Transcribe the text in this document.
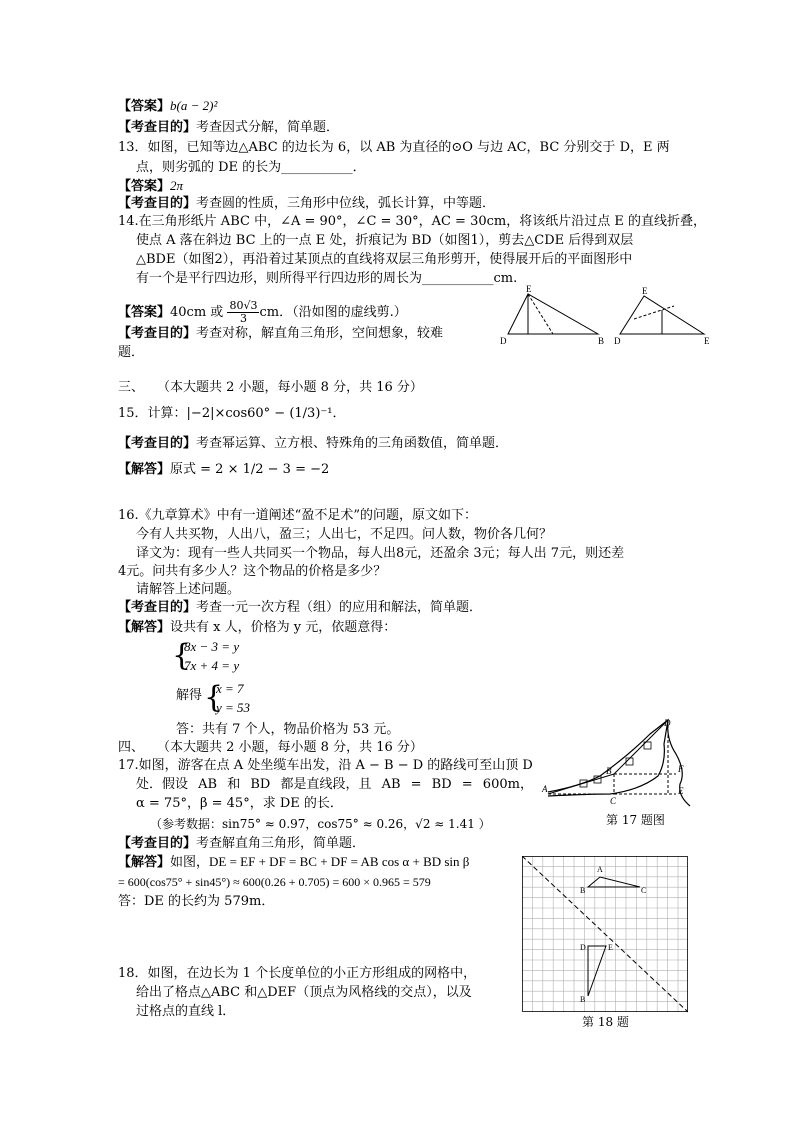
【答案】b(a − 2)²
【考查目的】考查因式分解，简单题．
13．如图，已知等边△ABC 的边长为 6，以 AB 为直径的⊙O 与边 AC，BC 分别交于 D，E 两
点，则劣弧的 DE 的长为___________．
【答案】2π
【考查目的】考查圆的性质，三角形中位线，弧长计算，中等题．
14.在三角形纸片 ABC 中，∠A = 90°，∠C = 30°，AC = 30cm，将该纸片沿过点 E 的直线折叠，
使点 A 落在斜边 BC 上的一点 E 处，折痕记为 BD（如图1），剪去△CDE 后得到双层
△BDE（如图2），再沿着过某顶点的直线将双层三角形剪开，使得展开后的平面图形中
有一个是平行四边形，则所得平行四边形的周长为___________cm.
【答案】40cm 或 $\frac{80√3}{3}$ cm．（沿如图的虚线剪.）
【考查目的】考查对称，解直角三角形，空间想象，较难
题．
E
D	B
E
D	E
三、　　（本大题共 2 小题，每小题 8 分，共 16 分）
15．计算：|−2|×cos60° − (1/3)⁻¹．
【考查目的】考查幂运算、立方根、特殊角的三角函数值，简单题．
【解答】原式 = 2 × 1/2 − 3 = −2
16.《九章算术》中有一道阐述“盈不足术”的问题，原文如下：
今有人共买物，人出八，盈三；人出七，不足四。问人数，物价各几何？
译文为：现有一些人共同买一个物品，每人出8元，还盈余 3元；每人出 7元，则还差
4元。问共有多少人？这个物品的价格是多少？
请解答上述问题。
【考查目的】考查一元一次方程（组）的应用和解法，简单题．
【解答】设共有 x 人，价格为 y 元，依题意得：
{
8x − 3 = y
7x + 4 = y
解得 {
x = 7
y = 53
答：共有 7 个人，物品价格为 53 元。
四、　　（本大题共 2 小题，每小题 8 分，共 16 分）
17.如图，游客在点 A 处坐缆车出发，沿 A − B − D 的路线可至山顶 D
处．假设 AB 和 BD 都是直线段，且 AB = BD = 600m，
α = 75°，β = 45°，求 DE 的长．
（参考数据：sin75° ≈ 0.97，cos75° ≈ 0.26，√2 ≈ 1.41 ）
D
F
E
A
B
C
第 17 题图
【考查目的】考查解直角三角形，简单题．
【解答】如图，DE = EF + DF = BC + DF = AB cos α + BD sin β
= 600(cos75° + sin45°) ≈ 600(0.26 + 0.705) = 600 × 0.965 = 579
答：DE 的长约为 579m．
A
B	C
D	E
B
第 18 题
18．如图，在边长为 1 个长度单位的小正方形组成的网格中，
给出了格点△ABC 和△DEF（顶点为风格线的交点），以及
过格点的直线 l．
